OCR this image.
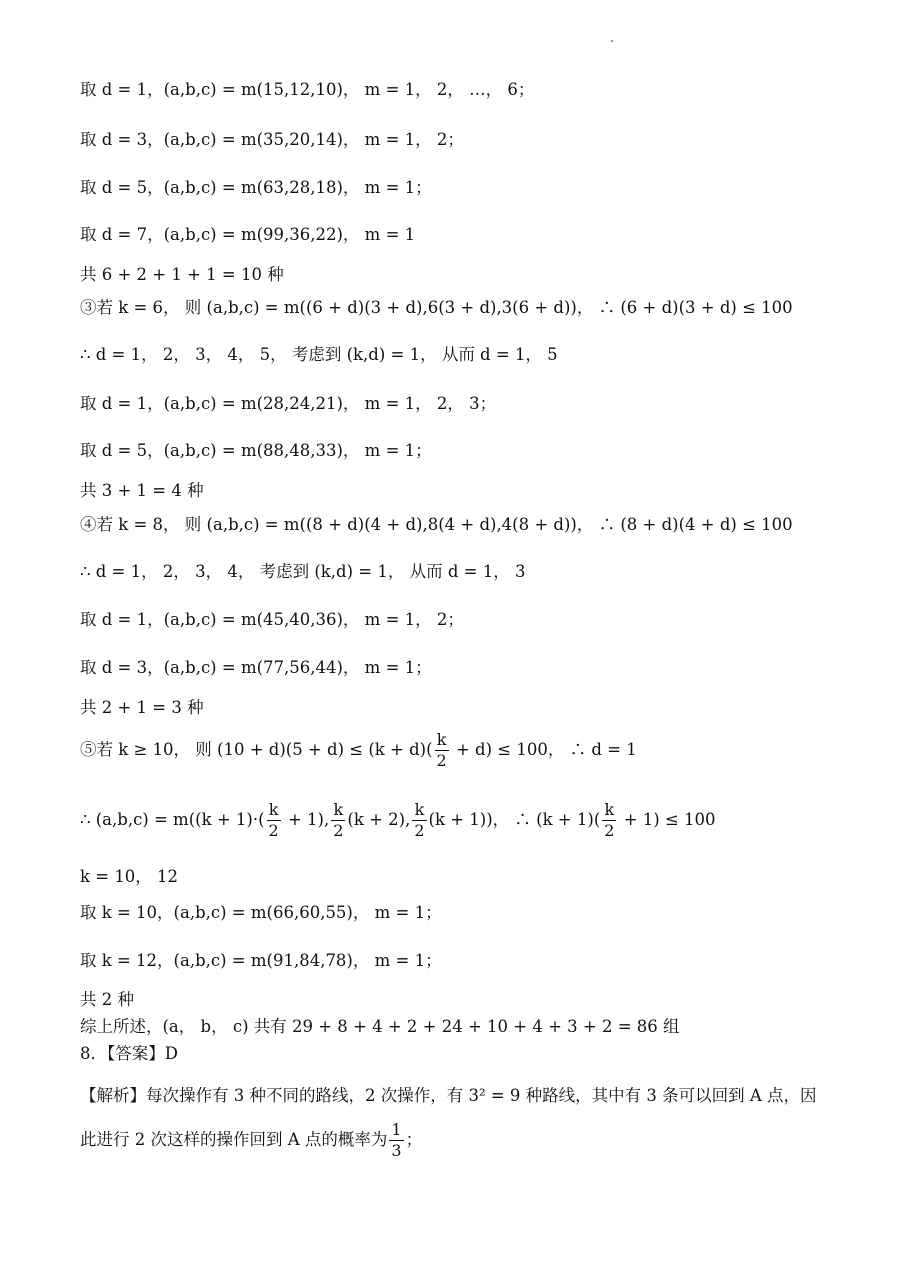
取 d = 1，(a,b,c) = m(15,12,10)， m = 1， 2， …， 6；
取 d = 3，(a,b,c) = m(35,20,14)， m = 1， 2；
取 d = 5，(a,b,c) = m(63,28,18)， m = 1；
取 d = 7，(a,b,c) = m(99,36,22)， m = 1
共 6 + 2 + 1 + 1 = 10 种
③若 k = 6， 则 (a,b,c) = m((6 + d)(3 + d),6(3 + d),3(6 + d))， ∴ (6 + d)(3 + d) ≤ 100
∴ d = 1， 2， 3， 4， 5， 考虑到 (k,d) = 1， 从而 d = 1， 5
取 d = 1，(a,b,c) = m(28,24,21)， m = 1， 2， 3；
取 d = 5，(a,b,c) = m(88,48,33)， m = 1；
共 3 + 1 = 4 种
④若 k = 8， 则 (a,b,c) = m((8 + d)(4 + d),8(4 + d),4(8 + d))， ∴ (8 + d)(4 + d) ≤ 100
∴ d = 1， 2， 3， 4， 考虑到 (k,d) = 1， 从而 d = 1， 3
取 d = 1，(a,b,c) = m(45,40,36)， m = 1， 2；
取 d = 3，(a,b,c) = m(77,56,44)， m = 1；
共 2 + 1 = 3 种
⑤若 k ≥ 10， 则 $(10 + d)(5 + d) \le (k + d)( \frac{k}{2} + d) \le 100$， ∴ d = 1
∴ $(a,b,c) = m((k + 1)\cdot( \frac{k}{2} + 1)$, $\frac{k}{2} (k + 2)$, $\frac{k}{2} (k + 1)$)， ∴ $(k + 1)( \frac{k}{2} + 1) \le 100$
k = 10， 12
取 k = 10，(a,b,c) = m(66,60,55)， m = 1；
取 k = 12，(a,b,c) = m(91,84,78)， m = 1；
共 2 种
综上所述，(a， b， c) 共有 29 + 8 + 4 + 2 + 24 + 10 + 4 + 3 + 2 = 86 组
8．【答案】D
【解析】每次操作有 3 种不同的路线，2 次操作，有 3² = 9 种路线，其中有 3 条可以回到 A 点，因此进行 2 次这样的操作回到 A 点的概率为 $\frac{1}{3}$ ；
